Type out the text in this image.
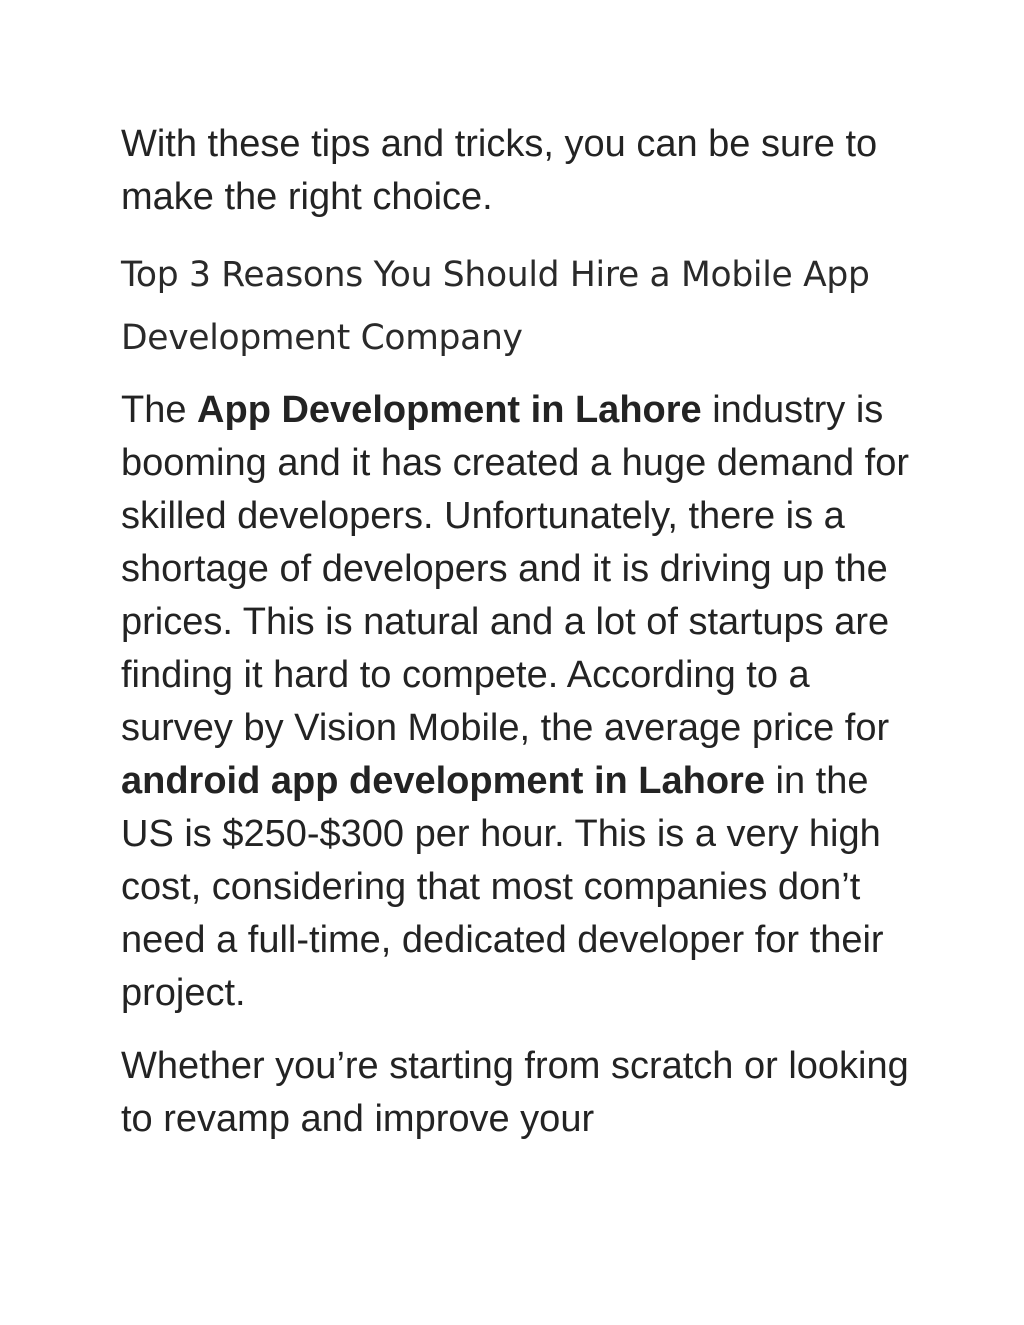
With these tips and tricks, you can be sure to make the right choice.

Top 3 Reasons You Should Hire a Mobile App Development Company

The App Development in Lahore industry is booming and it has created a huge demand for skilled developers. Unfortunately, there is a shortage of developers and it is driving up the prices. This is natural and a lot of startups are finding it hard to compete. According to a survey by Vision Mobile, the average price for android app development in Lahore in the US is $250-$300 per hour. This is a very high cost, considering that most companies don’t need a full-time, dedicated developer for their project.

Whether you’re starting from scratch or looking to revamp and improve your
